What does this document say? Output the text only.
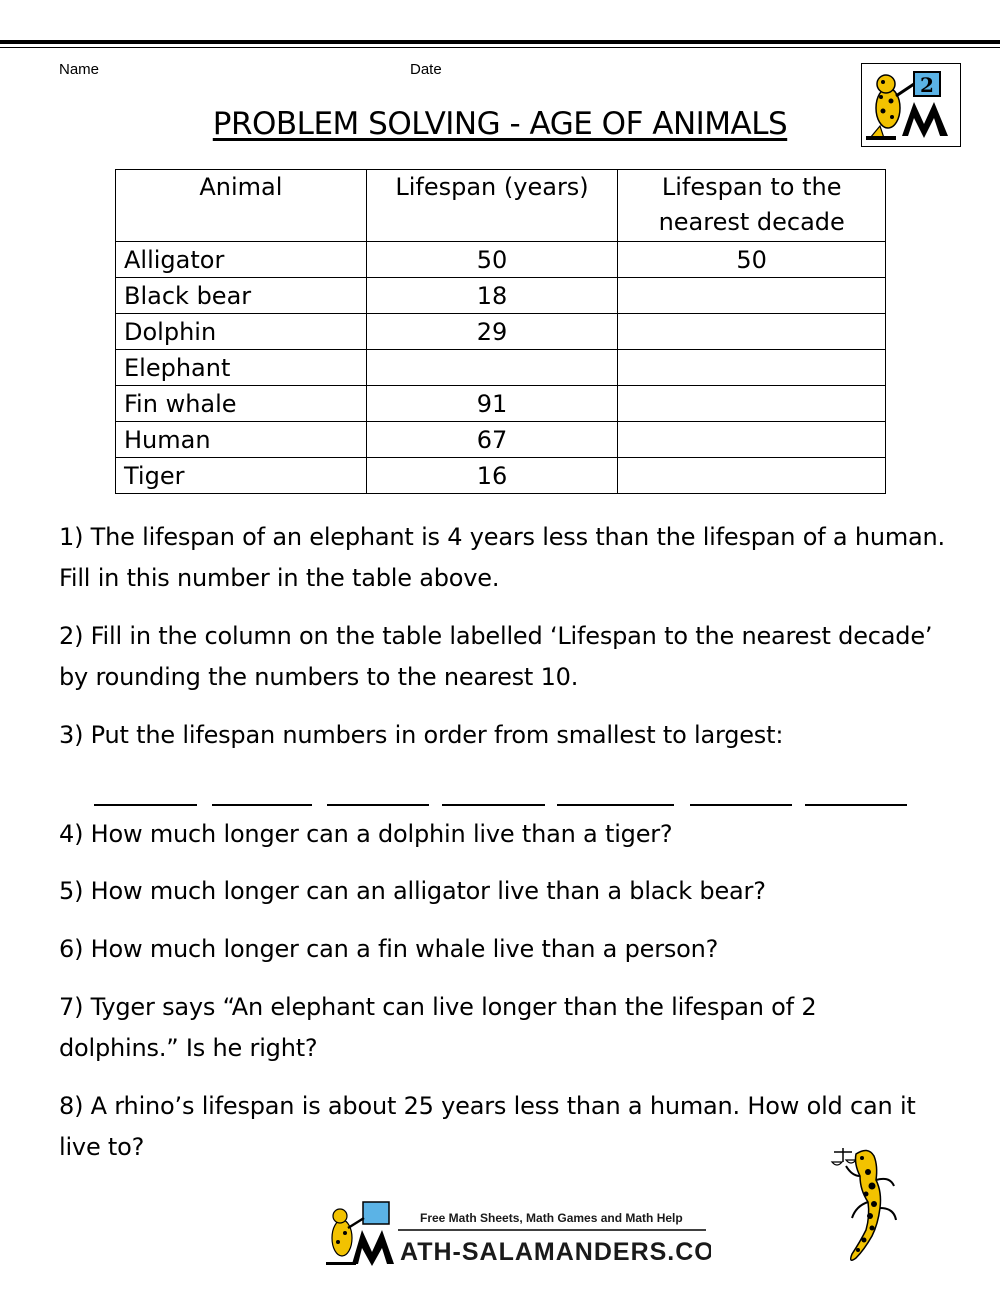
Name	Date
PROBLEM SOLVING - AGE OF ANIMALS
2
Animal	Lifespan (years)	Lifespan to the nearest decade
Alligator	50	50
Black bear	18	
Dolphin	29	
Elephant		
Fin whale	91	
Human	67	
Tiger	16	
1) The lifespan of an elephant is 4 years less than the lifespan of a human. Fill in this number in the table above.
2) Fill in the column on the table labelled ‘Lifespan to the nearest decade’ by rounding the numbers to the nearest 10.
3) Put the lifespan numbers in order from smallest to largest:
4) How much longer can a dolphin live than a tiger?
5) How much longer can an alligator live than a black bear?
6) How much longer can a fin whale live than a person?
7) Tyger says “An elephant can live longer than the lifespan of 2 dolphins.” Is he right?
8) A rhino’s lifespan is about 25 years less than a human. How old can it live to?
Free Math Sheets, Math Games and Math Help
ATH-SALAMANDERS.COM
